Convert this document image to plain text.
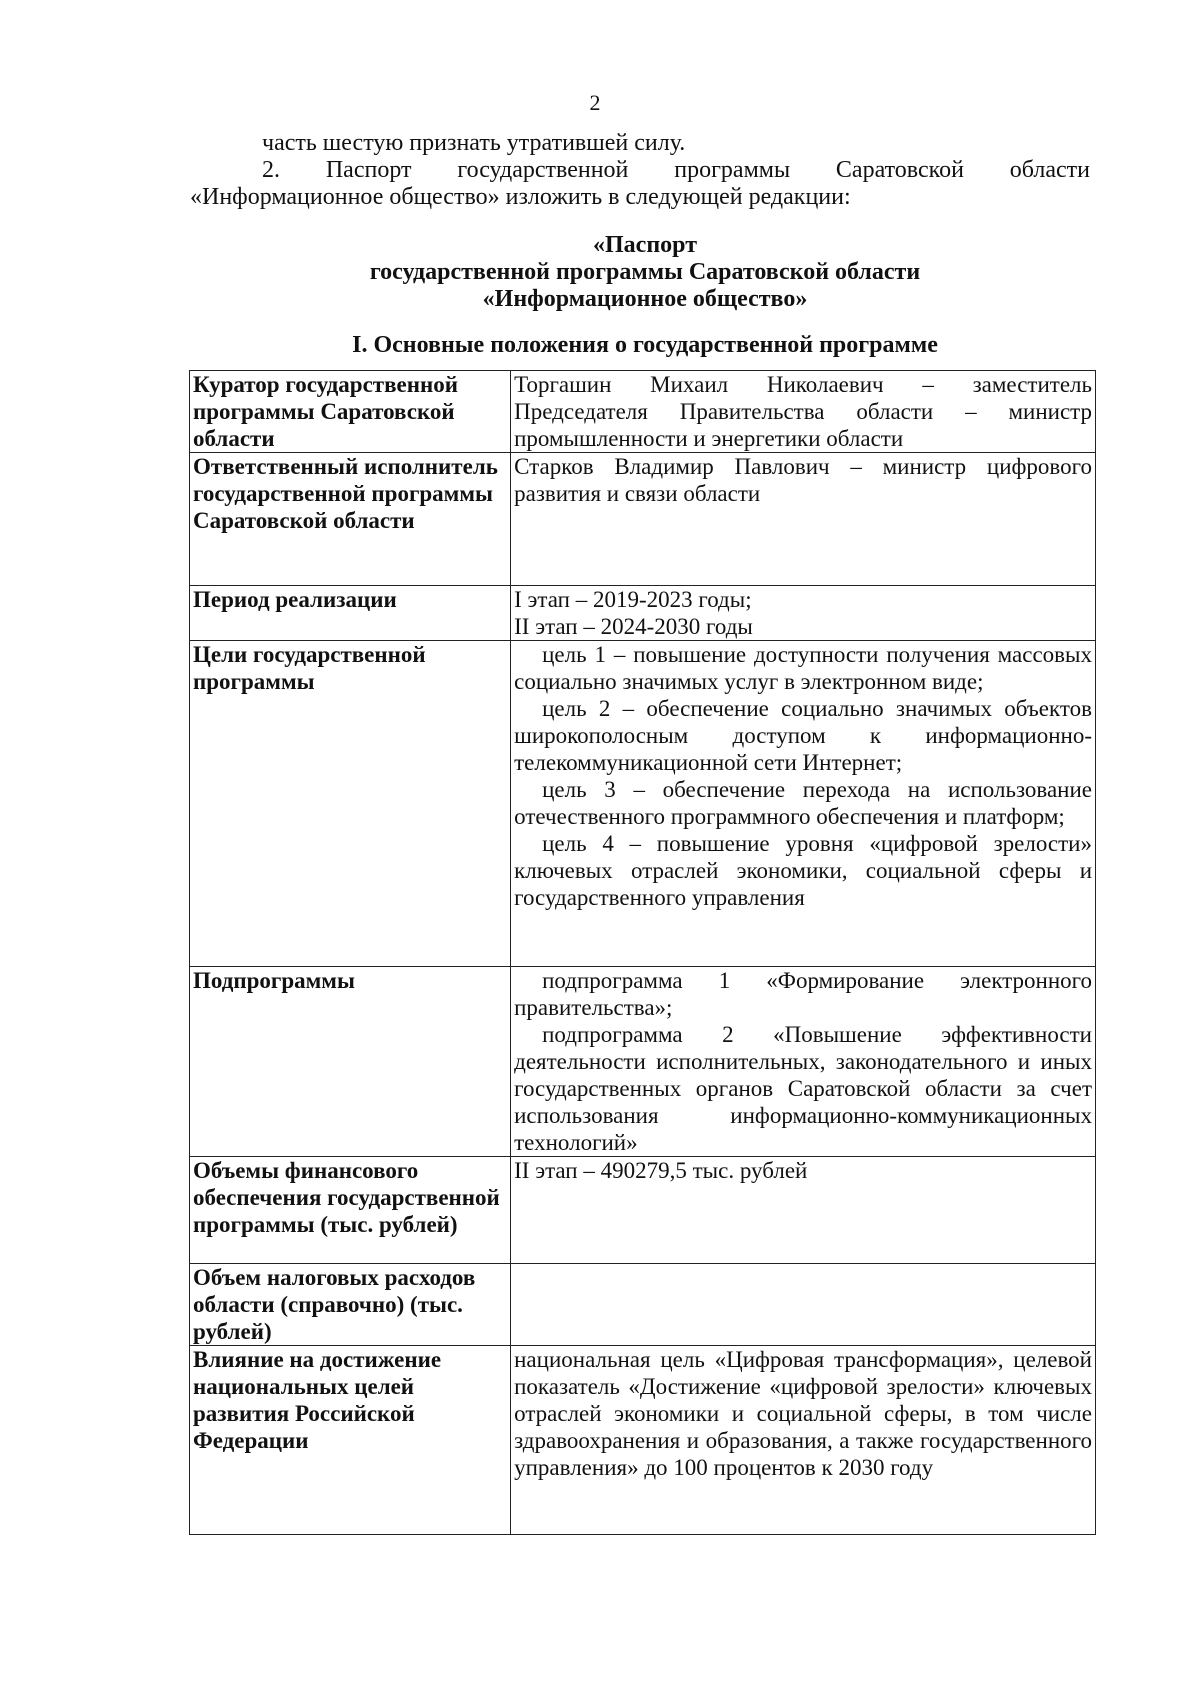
2
часть шестую признать утратившей силу.
2. Паспорт государственной программы Саратовской области
«Информационное общество» изложить в следующей редакции:
«Паспорт
государственной программы Саратовской области
«Информационное общество»
I. Основные положения о государственной программе
Куратор государственной программы Саратовской области	Торгашин Михаил Николаевич – заместитель Председателя Правительства области – министр промышленности и энергетики области

Ответственный исполнитель государственной программы Саратовской области	Старков Владимир Павлович – министр цифрового развития и связи области

Период реализации	I этап – 2019-2023 годы;
II этап – 2024-2030 годы

Цели государственной программы	цель 1 – повышение доступности получения массовых социально значимых услуг в электронном виде;
цель 2 – обеспечение социально значимых объектов широкополосным доступом к информационно-телекоммуникационной сети Интернет;
цель 3 – обеспечение перехода на использование отечественного программного обеспечения и платформ;
цель 4 – повышение уровня «цифровой зрелости» ключевых отраслей экономики, социальной сферы и государственного управления

Подпрограммы	подпрограмма 1 «Формирование электронного правительства»;
подпрограмма 2 «Повышение эффективности деятельности исполнительных, законодательного и иных государственных органов Саратовской области за счет использования информационно-коммуникационных технологий»

Объемы финансового обеспечения государственной программы (тыс. рублей)	II этап – 490279,5 тыс. рублей

Объем налоговых расходов области (справочно) (тыс. рублей)	

Влияние на достижение национальных целей развития Российской Федерации	национальная цель «Цифровая трансформация», целевой показатель «Достижение «цифровой зрелости» ключевых отраслей экономики и социальной сферы, в том числе здравоохранения и образования, а также государственного управления» до 100 процентов к 2030 году
